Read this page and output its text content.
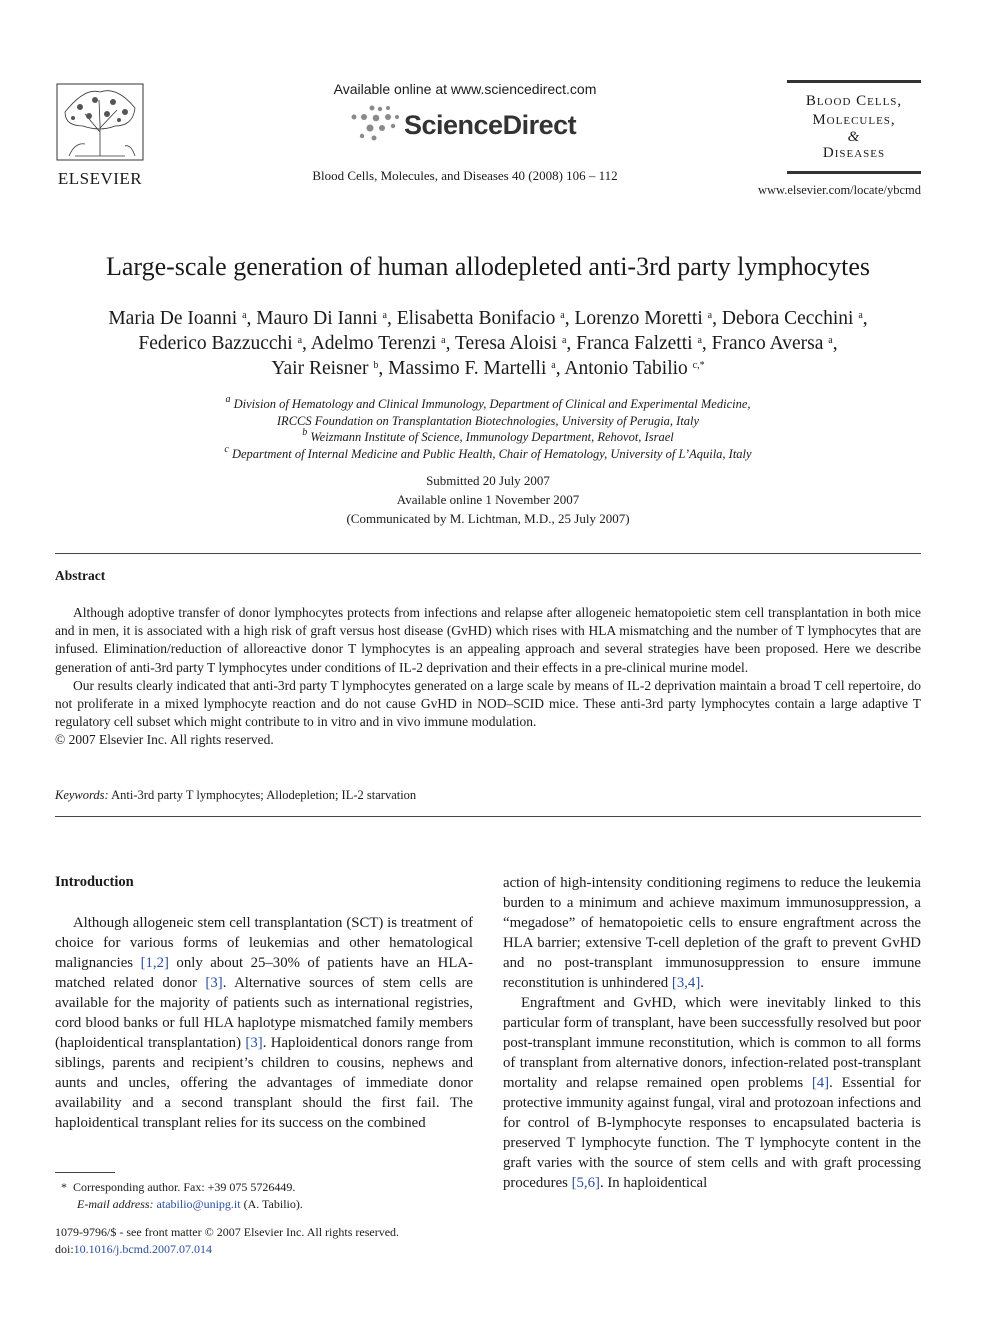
ELSEVIER
Available online at www.sciencedirect.com
ScienceDirect
Blood Cells, Molecules, and Diseases 40 (2008) 106 – 112
Blood Cells,
Molecules,
&
Diseases
www.elsevier.com/locate/ybcmd
Large-scale generation of human allodepleted anti-3rd party lymphocytes
Maria De Ioanni $^a$, Mauro Di Ianni $^a$, Elisabetta Bonifacio $^a$, Lorenzo Moretti $^a$, Debora Cecchini $^a$,
Federico Bazzucchi $^a$, Adelmo Terenzi $^a$, Teresa Aloisi $^a$, Franca Falzetti $^a$, Franco Aversa $^a$,
Yair Reisner $^b$, Massimo F. Martelli $^a$, Antonio Tabilio $^{c,*}$
$^a$ Division of Hematology and Clinical Immunology, Department of Clinical and Experimental Medicine,
IRCCS Foundation on Transplantation Biotechnologies, University of Perugia, Italy
$^b$ Weizmann Institute of Science, Immunology Department, Rehovot, Israel
$^c$ Department of Internal Medicine and Public Health, Chair of Hematology, University of L’Aquila, Italy
Submitted 20 July 2007
Available online 1 November 2007
(Communicated by M. Lichtman, M.D., 25 July 2007)
Abstract

Although adoptive transfer of donor lymphocytes protects from infections and relapse after allogeneic hematopoietic stem cell transplantation in both mice and in men, it is associated with a high risk of graft versus host disease (GvHD) which rises with HLA mismatching and the number of T lymphocytes that are infused. Elimination/reduction of alloreactive donor T lymphocytes is an appealing approach and several strategies have been proposed. Here we describe generation of anti-3rd party T lymphocytes under conditions of IL-2 deprivation and their effects in a pre-clinical murine model.

Our results clearly indicated that anti-3rd party T lymphocytes generated on a large scale by means of IL-2 deprivation maintain a broad T cell repertoire, do not proliferate in a mixed lymphocyte reaction and do not cause GvHD in NOD–SCID mice. These anti-3rd party lymphocytes contain a large adaptive T regulatory cell subset which might contribute to in vitro and in vivo immune modulation.

© 2007 Elsevier Inc. All rights reserved.

Keywords: Anti-3rd party T lymphocytes; Allodepletion; IL-2 starvation
Introduction

Although allogeneic stem cell transplantation (SCT) is treatment of choice for various forms of leukemias and other hematological malignancies [1,2] only about 25–30% of patients have an HLA-matched related donor [3]. Alternative sources of stem cells are available for the majority of patients such as international registries, cord blood banks or full HLA haplotype mismatched family members (haploidentical transplantation) [3]. Haploidentical donors range from siblings, parents and recipient’s children to cousins, nephews and aunts and uncles, offering the advantages of immediate donor availability and a second transplant should the first fail. The haploidentical transplant relies for its success on the combined

action of high-intensity conditioning regimens to reduce the leukemia burden to a minimum and achieve maximum immunosuppression, a “megadose” of hematopoietic cells to ensure engraftment across the HLA barrier; extensive T-cell depletion of the graft to prevent GvHD and no post-transplant immunosuppression to ensure immune reconstitution is unhindered [3,4].

Engraftment and GvHD, which were inevitably linked to this particular form of transplant, have been successfully resolved but poor post-transplant immune reconstitution, which is common to all forms of transplant from alternative donors, infection-related post-transplant mortality and relapse remained open problems [4]. Essential for protective immunity against fungal, viral and protozoan infections and for control of B-lymphocyte responses to encapsulated bacteria is preserved T lymphocyte function. The T lymphocyte content in the graft varies with the source of stem cells and with graft processing procedures [5,6]. In haploidentical

* Corresponding author. Fax: +39 075 5726449.
E-mail address: atabilio@unipg.it (A. Tabilio).
1079-9796/$ - see front matter © 2007 Elsevier Inc. All rights reserved.
doi:10.1016/j.bcmd.2007.07.014
